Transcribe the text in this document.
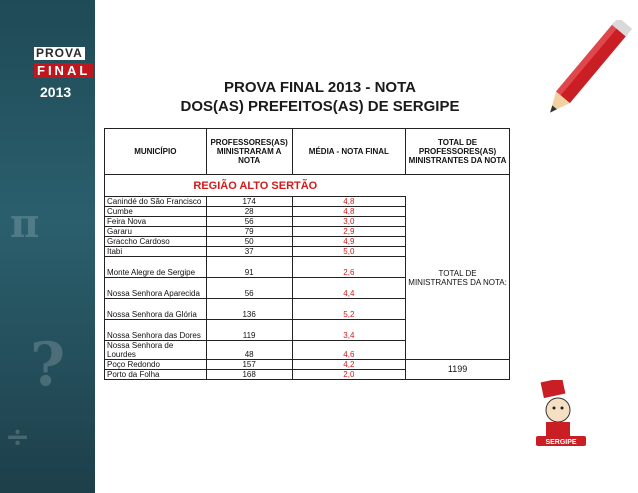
π
?
÷
PROVA
FINAL
2013
SERGIPE
PROVA FINAL 2013 - NOTA
DOS(AS) PREFEITOS(AS) DE SERGIPE
MUNICÍPIO	PROFESSORES(AS) MINISTRARAM A NOTA	MÉDIA - NOTA FINAL	TOTAL DE PROFESSORES(AS) MINISTRANTES DA NOTA
REGIÃO ALTO SERTÃO			
Canindé do São Francisco	174	4,8	TOTAL DE MINISTRANTES DA NOTA:
Cumbe	28	4,8	
Feira Nova	56	3,0	
Gararu	79	2,9	
Graccho Cardoso	50	4,9	
Itabi	37	5,0	
Monte Alegre de Sergipe	91	2,6	
Nossa Senhora Aparecida	56	4,4	
Nossa Senhora da Glória	136	5,2	
Nossa Senhora das Dores	119	3,4	
Nossa Senhora de Lourdes	48	4,6	
Poço Redondo	157	4,2	1199
Porto da Folha	168	2,0	
